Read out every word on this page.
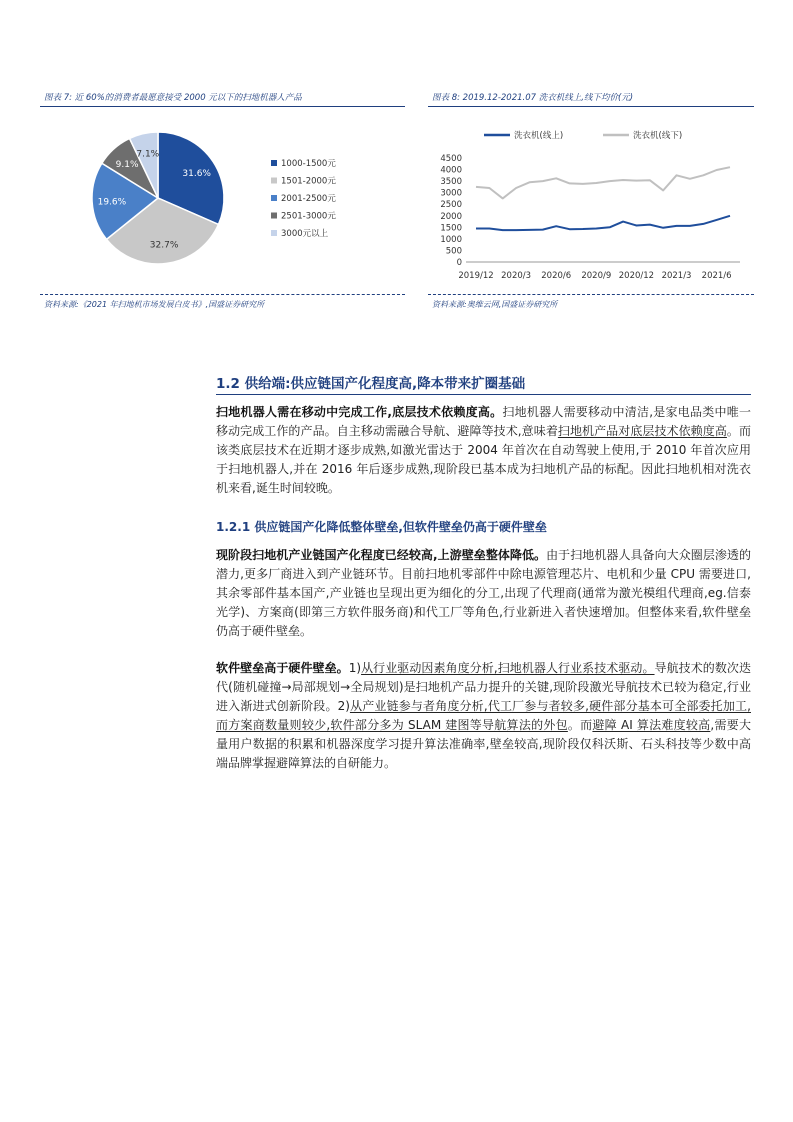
图表 7: 近 60%的消费者最愿意接受 2000 元以下的扫地机器人产品	图表 8: 2019.12-2021.07 洗衣机线上,线下均价(元)
31.6%
32.7%
19.6%
9.1%
7.1%
1000-1500元
1501-2000元
2001-2500元
2501-3000元
3000元以上
洗衣机(线上)	洗衣机(线下)
0
500
1000
1500
2000
2500
3000
3500
4000
4500
2019/12 2020/3 2020/6 2020/9 2020/12 2021/3 2021/6
资料来源:《2021 年扫地机市场发展白皮书》,国盛证券研究所	资料来源:奥维云网,国盛证券研究所
1.2 供给端:供应链国产化程度高,降本带来扩圈基础
扫地机器人需在移动中完成工作,底层技术依赖度高。扫地机器人需要移动中清洁,是家电品类中唯一移动完成工作的产品。自主移动需融合导航、避障等技术,意味着扫地机产品对底层技术依赖度高。而该类底层技术在近期才逐步成熟,如激光雷达于 2004 年首次在自动驾驶上使用,于 2010 年首次应用于扫地机器人,并在 2016 年后逐步成熟,现阶段已基本成为扫地机产品的标配。因此扫地机相对洗衣机来看,诞生时间较晚。
1.2.1 供应链国产化降低整体壁垒,但软件壁垒仍高于硬件壁垒
现阶段扫地机产业链国产化程度已经较高,上游壁垒整体降低。由于扫地机器人具备向大众圈层渗透的潜力,更多厂商进入到产业链环节。目前扫地机零部件中除电源管理芯片、电机和少量 CPU 需要进口,其余零部件基本国产,产业链也呈现出更为细化的分工,出现了代理商(通常为激光模组代理商,eg.信泰光学)、方案商(即第三方软件服务商)和代工厂等角色,行业新进入者快速增加。但整体来看,软件壁垒仍高于硬件壁垒。
软件壁垒高于硬件壁垒。1)从行业驱动因素角度分析,扫地机器人行业系技术驱动。导航技术的数次迭代(随机碰撞→局部规划→全局规划)是扫地机产品力提升的关键,现阶段激光导航技术已较为稳定,行业进入渐进式创新阶段。2)从产业链参与者角度分析,代工厂参与者较多,硬件部分基本可全部委托加工,而方案商数量则较少,软件部分多为 SLAM 建图等导航算法的外包。而避障 AI 算法难度较高,需要大量用户数据的积累和机器深度学习提升算法准确率,壁垒较高,现阶段仅科沃斯、石头科技等少数中高端品牌掌握避障算法的自研能力。
